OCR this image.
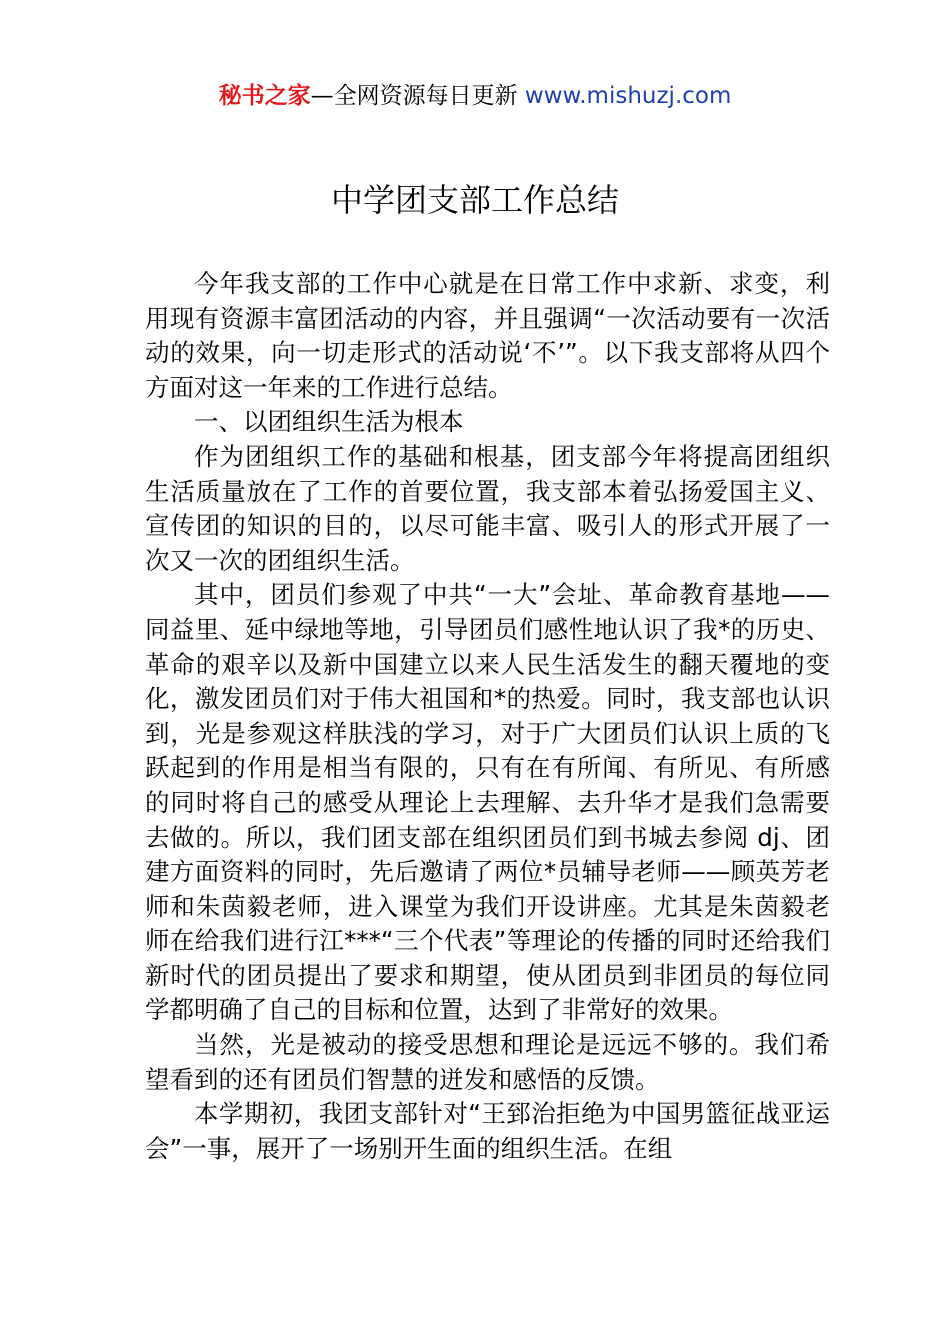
秘书之家—全网资源每日更新 www.mishuzj.com
中学团支部工作总结

今年我支部的工作中心就是在日常工作中求新、求变，利用现有资源丰富团活动的内容，并且强调“一次活动要有一次活动的效果，向一切走形式的活动说‘不’”。以下我支部将从四个方面对这一年来的工作进行总结。

一、以团组织生活为根本

作为团组织工作的基础和根基，团支部今年将提高团组织生活质量放在了工作的首要位置，我支部本着弘扬爱国主义、宣传团的知识的目的，以尽可能丰富、吸引人的形式开展了一次又一次的团组织生活。

其中，团员们参观了中共“一大”会址、革命教育基地——同益里、延中绿地等地，引导团员们感性地认识了我*的历史、革命的艰辛以及新中国建立以来人民生活发生的翻天覆地的变化，激发团员们对于伟大祖国和*的热爱。同时，我支部也认识到，光是参观这样肤浅的学习，对于广大团员们认识上质的飞跃起到的作用是相当有限的，只有在有所闻、有所见、有所感的同时将自己的感受从理论上去理解、去升华才是我们急需要去做的。所以，我们团支部在组织团员们到书城去参阅 dj、团建方面资料的同时，先后邀请了两位*员辅导老师——顾英芳老师和朱茵毅老师，进入课堂为我们开设讲座。尤其是朱茵毅老师在给我们进行江***“三个代表”等理论的传播的同时还给我们新时代的团员提出了要求和期望，使从团员到非团员的每位同学都明确了自己的目标和位置，达到了非常好的效果。

当然，光是被动的接受思想和理论是远远不够的。我们希望看到的还有团员们智慧的迸发和感悟的反馈。

本学期初，我团支部针对“王郅治拒绝为中国男篮征战亚运会”一事，展开了一场别开生面的组织生活。在组
